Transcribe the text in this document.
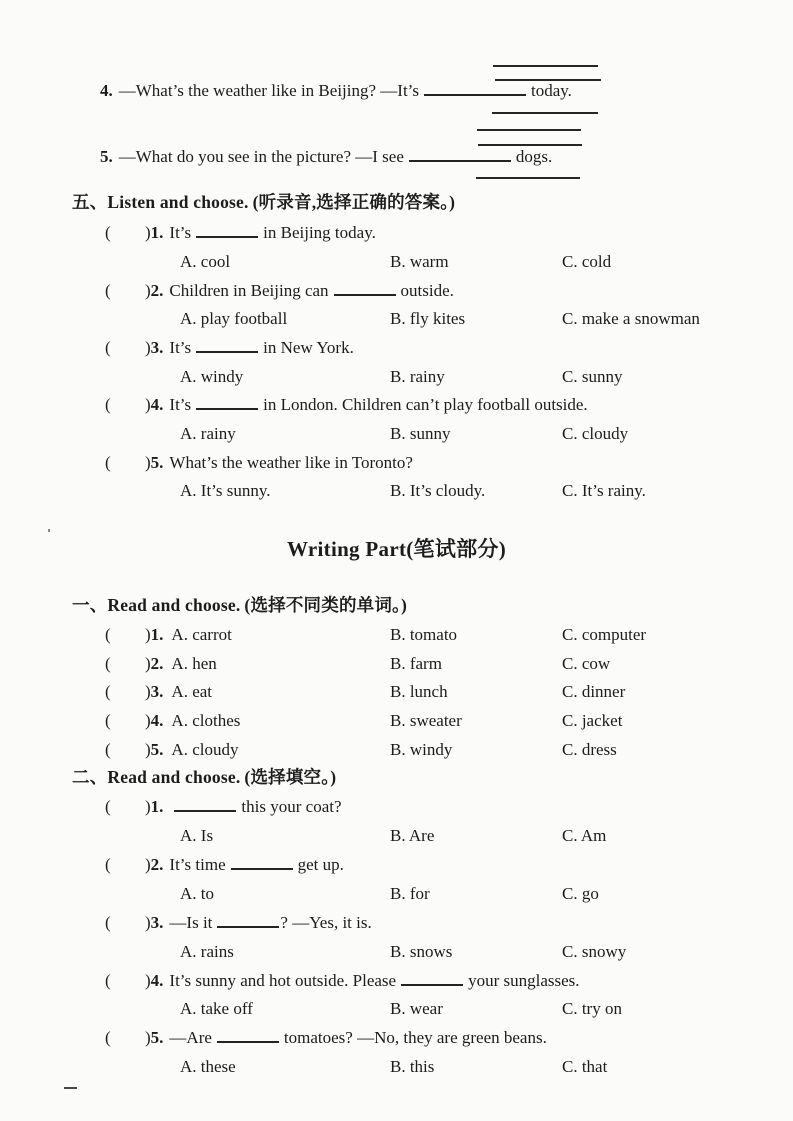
4. —What’s the weather like in Beijing? —It’s	today.
5. —What do you see in the picture? —I see	dogs.
五、Listen and choose. (听录音,选择正确的答案。)
( )1. It’s	in Beijing today.
A. cool	B. warm	C. cold
( )2. Children in Beijing can	outside.
A. play football	B. fly kites	C. make a snowman
( )3. It’s	in New York.
A. windy	B. rainy	C. sunny
( )4. It’s	in London. Children can’t play football outside.
A. rainy	B. sunny	C. cloudy
( )5. What’s the weather like in Toronto?
A. It’s sunny.	B. It’s cloudy.	C. It’s rainy.
Writing Part(笔试部分)
一、Read and choose. (选择不同类的单词。)
( )1. A. carrot	B. tomato	C. computer
( )2. A. hen	B. farm	C. cow
( )3. A. eat	B. lunch	C. dinner
( )4. A. clothes	B. sweater	C. jacket
( )5. A. cloudy	B. windy	C. dress
二、Read and choose. (选择填空。)
( )1.	this your coat?
A. Is	B. Are	C. Am
( )2. It’s time	get up.
A. to	B. for	C. go
( )3. —Is it	? —Yes, it is.
A. rains	B. snows	C. snowy
( )4. It’s sunny and hot outside. Please	your sunglasses.
A. take off	B. wear	C. try on
( )5. —Are	tomatoes? —No, they are green beans.
A. these	B. this	C. that
